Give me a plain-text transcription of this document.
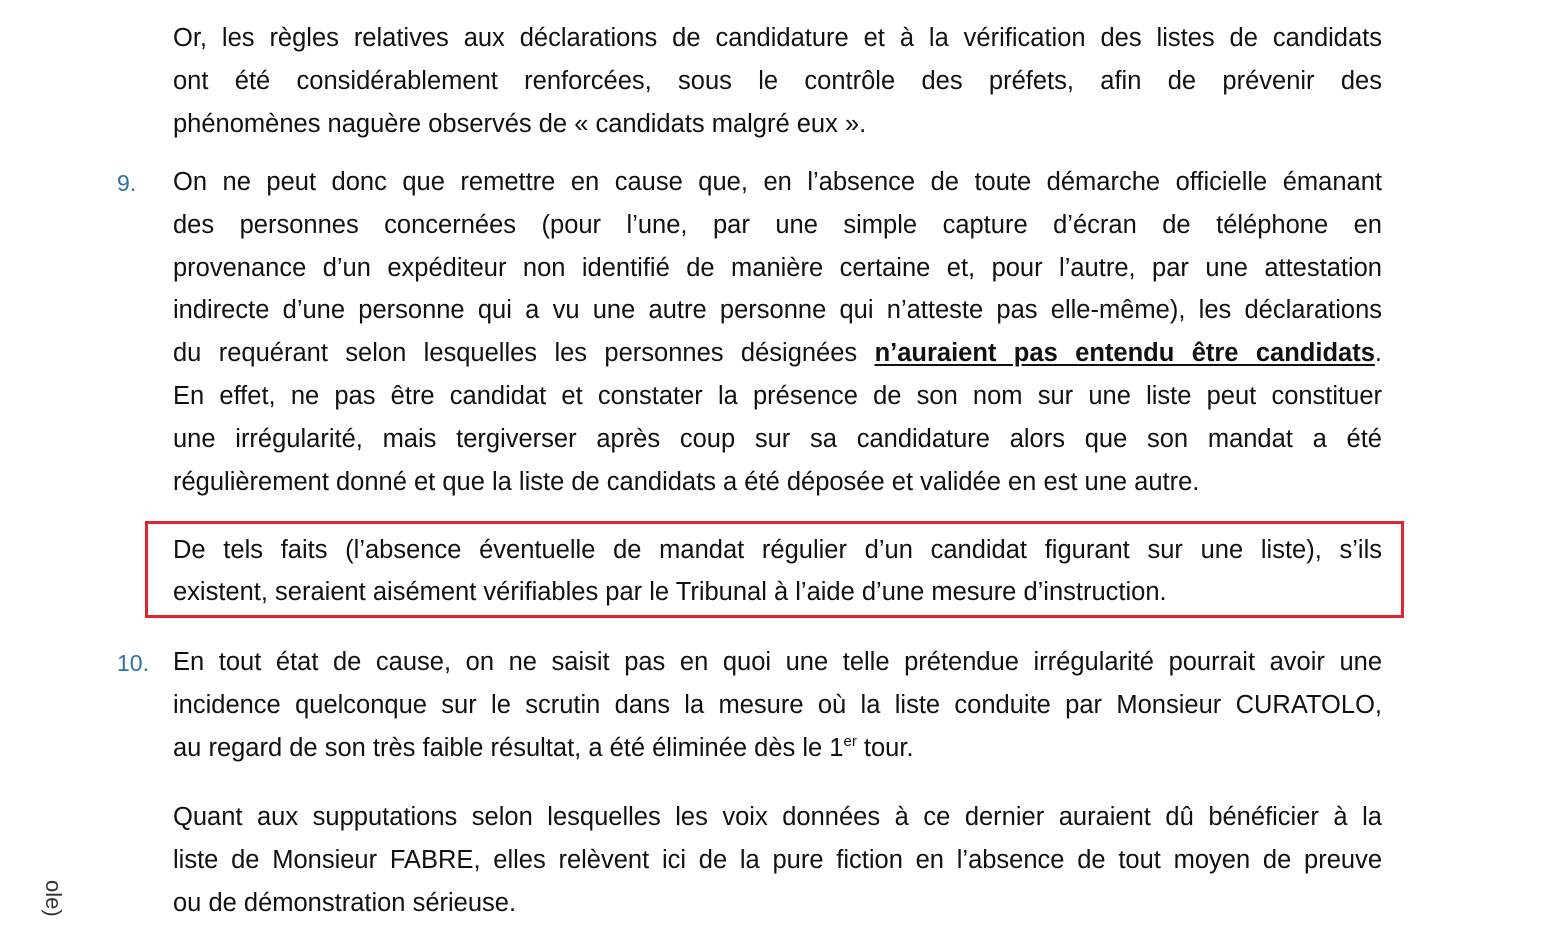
Or, les règles relatives aux déclarations de candidature et à la vérification des listes de candidats
ont été considérablement renforcées, sous le contrôle des préfets, afin de prévenir des
phénomènes naguère observés de « candidats malgré eux ».
9. On ne peut donc que remettre en cause que, en l’absence de toute démarche officielle émanant
des personnes concernées (pour l’une, par une simple capture d’écran de téléphone en
provenance d’un expéditeur non identifié de manière certaine et, pour l’autre, par une attestation
indirecte d’une personne qui a vu une autre personne qui n’atteste pas elle-même), les déclarations
du requérant selon lesquelles les personnes désignées n’auraient pas entendu être candidats.
En effet, ne pas être candidat et constater la présence de son nom sur une liste peut constituer
une irrégularité, mais tergiverser après coup sur sa candidature alors que son mandat a été
régulièrement donné et que la liste de candidats a été déposée et validée en est une autre.
De tels faits (l’absence éventuelle de mandat régulier d’un candidat figurant sur une liste), s’ils
existent, seraient aisément vérifiables par le Tribunal à l’aide d’une mesure d’instruction.
10. En tout état de cause, on ne saisit pas en quoi une telle prétendue irrégularité pourrait avoir une
incidence quelconque sur le scrutin dans la mesure où la liste conduite par Monsieur CURATOLO,
au regard de son très faible résultat, a été éliminée dès le 1er tour.
Quant aux supputations selon lesquelles les voix données à ce dernier auraient dû bénéficier à la
liste de Monsieur FABRE, elles relèvent ici de la pure fiction en l’absence de tout moyen de preuve
ou de démonstration sérieuse.
ole)
